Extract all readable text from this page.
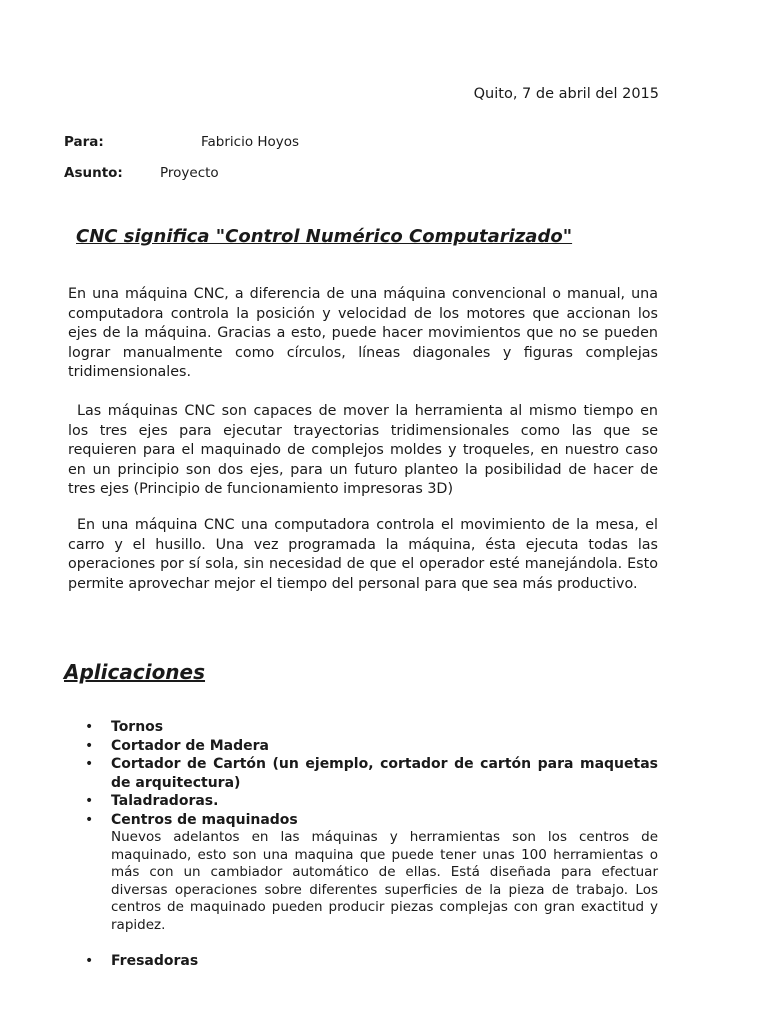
Quito, 7 de abril del 2015
Para:	Fabricio Hoyos
Asunto:	Proyecto
CNC significa "Control Numérico Computarizado"

En una máquina CNC, a diferencia de una máquina convencional o manual, una computadora controla la posición y velocidad de los motores que accionan los ejes de la máquina. Gracias a esto, puede hacer movimientos que no se pueden lograr manualmente como círculos, líneas diagonales y figuras complejas tridimensionales.

Las máquinas CNC son capaces de mover la herramienta al mismo tiempo en los tres ejes para ejecutar trayectorias tridimensionales como las que se requieren para el maquinado de complejos moldes y troqueles, en nuestro caso en un principio son dos ejes, para un futuro planteo la posibilidad de hacer de tres ejes (Principio de funcionamiento impresoras 3D)

En una máquina CNC una computadora controla el movimiento de la mesa, el carro y el husillo. Una vez programada la máquina, ésta ejecuta todas las operaciones por sí sola, sin necesidad de que el operador esté manejándola. Esto permite aprovechar mejor el tiempo del personal para que sea más productivo.

Aplicaciones
• Tornos
• Cortador de Madera
• Cortador de Cartón (un ejemplo, cortador de cartón para maquetas de arquitectura)
• Taladradoras.
• Centros de maquinados
Nuevos adelantos en las máquinas y herramientas son los centros de maquinado, esto son una maquina que puede tener unas 100 herramientas o más con un cambiador automático de ellas. Está diseñada para efectuar diversas operaciones sobre diferentes superficies de la pieza de trabajo. Los centros de maquinado pueden producir piezas complejas con gran exactitud y rapidez.
• Fresadoras
